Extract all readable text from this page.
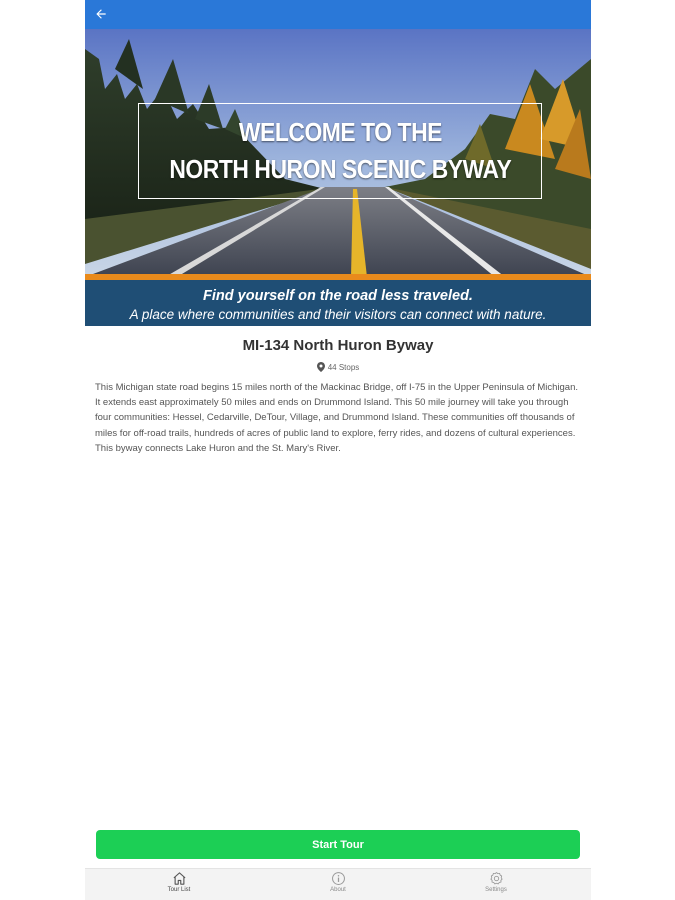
WELCOME TO THE
NORTH HURON SCENIC BYWAY
Find yourself on the road less traveled.
A place where communities and their visitors can connect with nature.
MI-134 North Huron Byway
44 Stops

This Michigan state road begins 15 miles north of the Mackinac Bridge, off I-75 in the Upper Peninsula of Michigan. It extends east approximately 50 miles and ends on Drummond Island. This 50 mile journey will take you through four communities: Hessel, Cedarville, DeTour, Village, and Drummond Island. These communities off thousands of miles for off-road trails, hundreds of acres of public land to explore, ferry rides, and dozens of cultural experiences. This byway connects Lake Huron and the St. Mary's River.

Start Tour
Tour List	About	Settings
